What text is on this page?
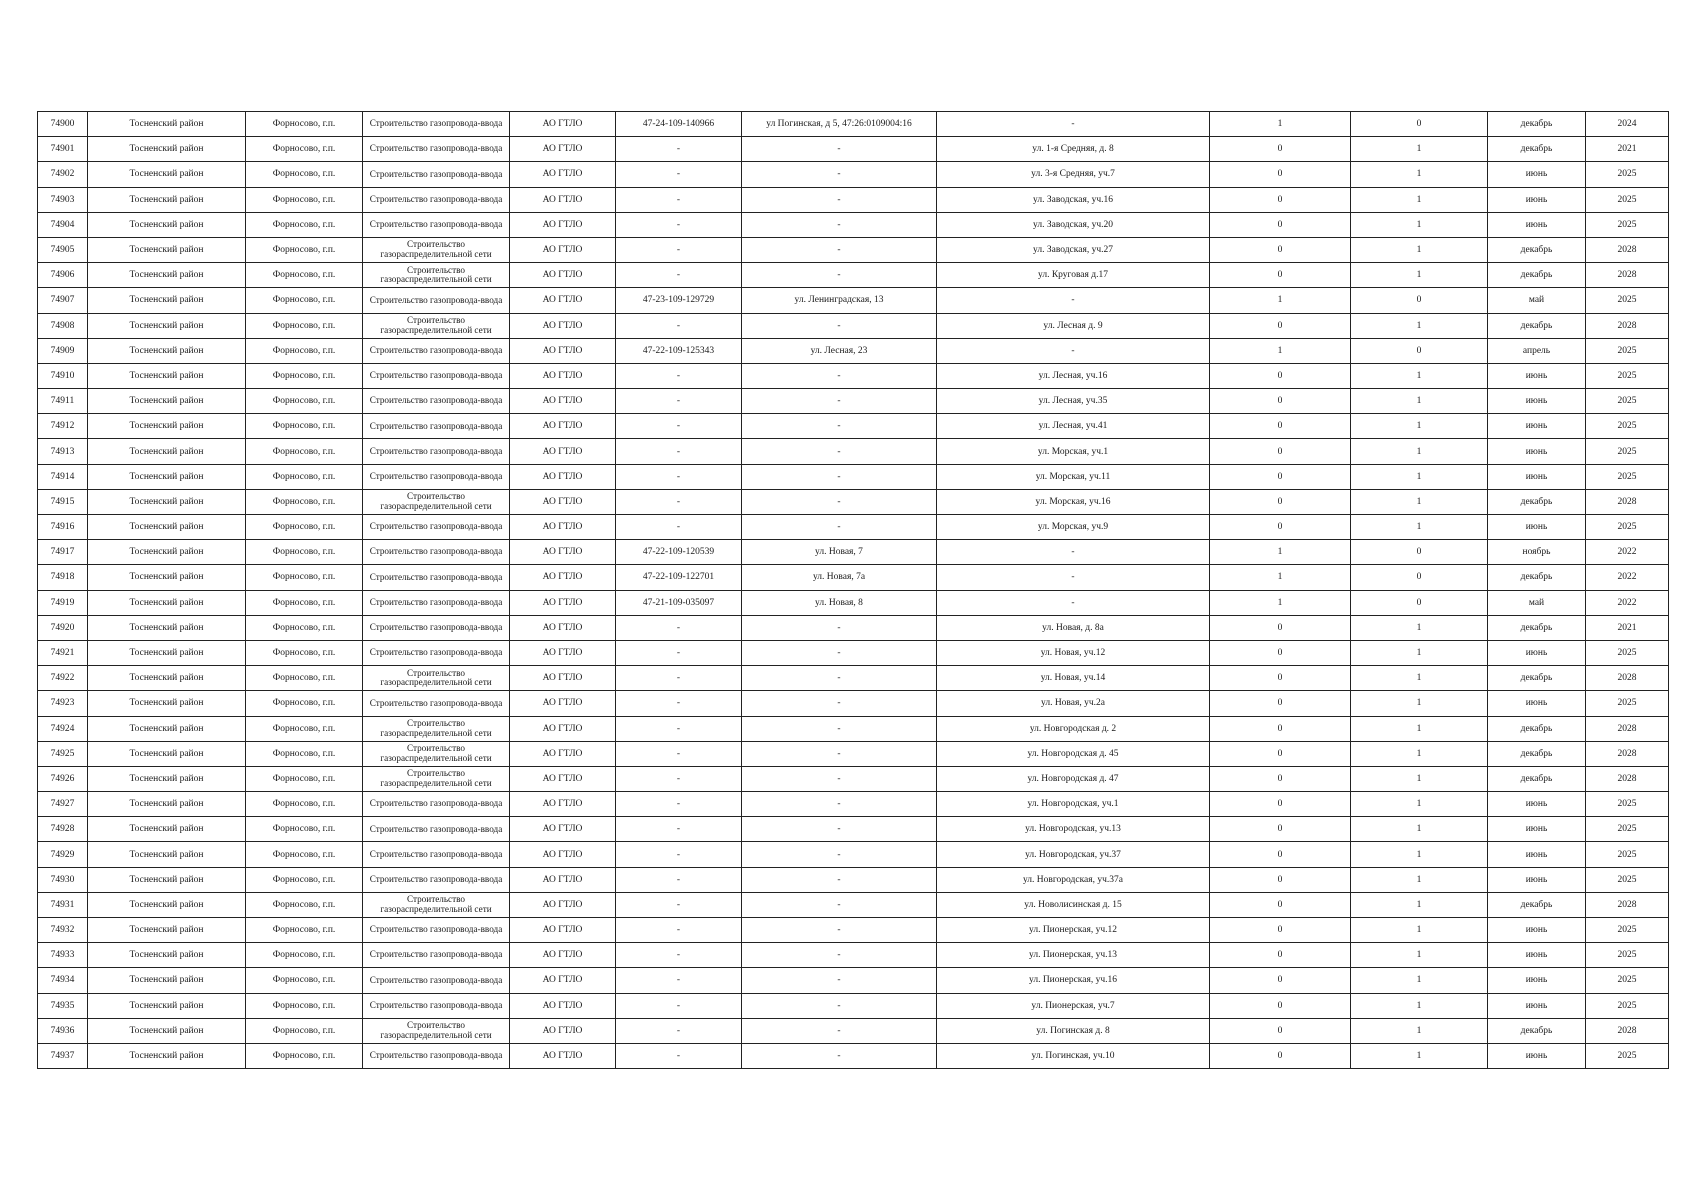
74900	Тосненский район	Форносово, г.п.	Строительство газопровода-ввода	АО ГТЛО	47-24-109-140966	ул Погинская, д 5, 47:26:0109004:16	-	1	0	декабрь	2024
74901	Тосненский район	Форносово, г.п.	Строительство газопровода-ввода	АО ГТЛО	-	-	ул. 1-я Средняя, д. 8	0	1	декабрь	2021
74902	Тосненский район	Форносово, г.п.	Строительство газопровода-ввода	АО ГТЛО	-	-	ул. 3-я Средняя, уч.7	0	1	июнь	2025
74903	Тосненский район	Форносово, г.п.	Строительство газопровода-ввода	АО ГТЛО	-	-	ул. Заводская, уч.16	0	1	июнь	2025
74904	Тосненский район	Форносово, г.п.	Строительство газопровода-ввода	АО ГТЛО	-	-	ул. Заводская, уч.20	0	1	июнь	2025
74905	Тосненский район	Форносово, г.п.	Строительство газораспределительной сети	АО ГТЛО	-	-	ул. Заводская, уч.27	0	1	декабрь	2028
74906	Тосненский район	Форносово, г.п.	Строительство газораспределительной сети	АО ГТЛО	-	-	ул. Круговая д.17	0	1	декабрь	2028
74907	Тосненский район	Форносово, г.п.	Строительство газопровода-ввода	АО ГТЛО	47-23-109-129729	ул. Ленинградская, 13	-	1	0	май	2025
74908	Тосненский район	Форносово, г.п.	Строительство газораспределительной сети	АО ГТЛО	-	-	ул. Лесная д. 9	0	1	декабрь	2028
74909	Тосненский район	Форносово, г.п.	Строительство газопровода-ввода	АО ГТЛО	47-22-109-125343	ул. Лесная, 23	-	1	0	апрель	2025
74910	Тосненский район	Форносово, г.п.	Строительство газопровода-ввода	АО ГТЛО	-	-	ул. Лесная, уч.16	0	1	июнь	2025
74911	Тосненский район	Форносово, г.п.	Строительство газопровода-ввода	АО ГТЛО	-	-	ул. Лесная, уч.35	0	1	июнь	2025
74912	Тосненский район	Форносово, г.п.	Строительство газопровода-ввода	АО ГТЛО	-	-	ул. Лесная, уч.41	0	1	июнь	2025
74913	Тосненский район	Форносово, г.п.	Строительство газопровода-ввода	АО ГТЛО	-	-	ул. Морская, уч.1	0	1	июнь	2025
74914	Тосненский район	Форносово, г.п.	Строительство газопровода-ввода	АО ГТЛО	-	-	ул. Морская, уч.11	0	1	июнь	2025
74915	Тосненский район	Форносово, г.п.	Строительство газораспределительной сети	АО ГТЛО	-	-	ул. Морская, уч.16	0	1	декабрь	2028
74916	Тосненский район	Форносово, г.п.	Строительство газопровода-ввода	АО ГТЛО	-	-	ул. Морская, уч.9	0	1	июнь	2025
74917	Тосненский район	Форносово, г.п.	Строительство газопровода-ввода	АО ГТЛО	47-22-109-120539	ул. Новая, 7	-	1	0	ноябрь	2022
74918	Тосненский район	Форносово, г.п.	Строительство газопровода-ввода	АО ГТЛО	47-22-109-122701	ул. Новая, 7а	-	1	0	декабрь	2022
74919	Тосненский район	Форносово, г.п.	Строительство газопровода-ввода	АО ГТЛО	47-21-109-035097	ул. Новая, 8	-	1	0	май	2022
74920	Тосненский район	Форносово, г.п.	Строительство газопровода-ввода	АО ГТЛО	-	-	ул. Новая, д. 8а	0	1	декабрь	2021
74921	Тосненский район	Форносово, г.п.	Строительство газопровода-ввода	АО ГТЛО	-	-	ул. Новая, уч.12	0	1	июнь	2025
74922	Тосненский район	Форносово, г.п.	Строительство газораспределительной сети	АО ГТЛО	-	-	ул. Новая, уч.14	0	1	декабрь	2028
74923	Тосненский район	Форносово, г.п.	Строительство газопровода-ввода	АО ГТЛО	-	-	ул. Новая, уч.2а	0	1	июнь	2025
74924	Тосненский район	Форносово, г.п.	Строительство газораспределительной сети	АО ГТЛО	-	-	ул. Новгородская д. 2	0	1	декабрь	2028
74925	Тосненский район	Форносово, г.п.	Строительство газораспределительной сети	АО ГТЛО	-	-	ул. Новгородская д. 45	0	1	декабрь	2028
74926	Тосненский район	Форносово, г.п.	Строительство газораспределительной сети	АО ГТЛО	-	-	ул. Новгородская д. 47	0	1	декабрь	2028
74927	Тосненский район	Форносово, г.п.	Строительство газопровода-ввода	АО ГТЛО	-	-	ул. Новгородская, уч.1	0	1	июнь	2025
74928	Тосненский район	Форносово, г.п.	Строительство газопровода-ввода	АО ГТЛО	-	-	ул. Новгородская, уч.13	0	1	июнь	2025
74929	Тосненский район	Форносово, г.п.	Строительство газопровода-ввода	АО ГТЛО	-	-	ул. Новгородская, уч.37	0	1	июнь	2025
74930	Тосненский район	Форносово, г.п.	Строительство газопровода-ввода	АО ГТЛО	-	-	ул. Новгородская, уч.37а	0	1	июнь	2025
74931	Тосненский район	Форносово, г.п.	Строительство газораспределительной сети	АО ГТЛО	-	-	ул. Новолисинская д. 15	0	1	декабрь	2028
74932	Тосненский район	Форносово, г.п.	Строительство газопровода-ввода	АО ГТЛО	-	-	ул. Пионерская, уч.12	0	1	июнь	2025
74933	Тосненский район	Форносово, г.п.	Строительство газопровода-ввода	АО ГТЛО	-	-	ул. Пионерская, уч.13	0	1	июнь	2025
74934	Тосненский район	Форносово, г.п.	Строительство газопровода-ввода	АО ГТЛО	-	-	ул. Пионерская, уч.16	0	1	июнь	2025
74935	Тосненский район	Форносово, г.п.	Строительство газопровода-ввода	АО ГТЛО	-	-	ул. Пионерская, уч.7	0	1	июнь	2025
74936	Тосненский район	Форносово, г.п.	Строительство газораспределительной сети	АО ГТЛО	-	-	ул. Погинская д. 8	0	1	декабрь	2028
74937	Тосненский район	Форносово, г.п.	Строительство газопровода-ввода	АО ГТЛО	-	-	ул. Погинская, уч.10	0	1	июнь	2025
